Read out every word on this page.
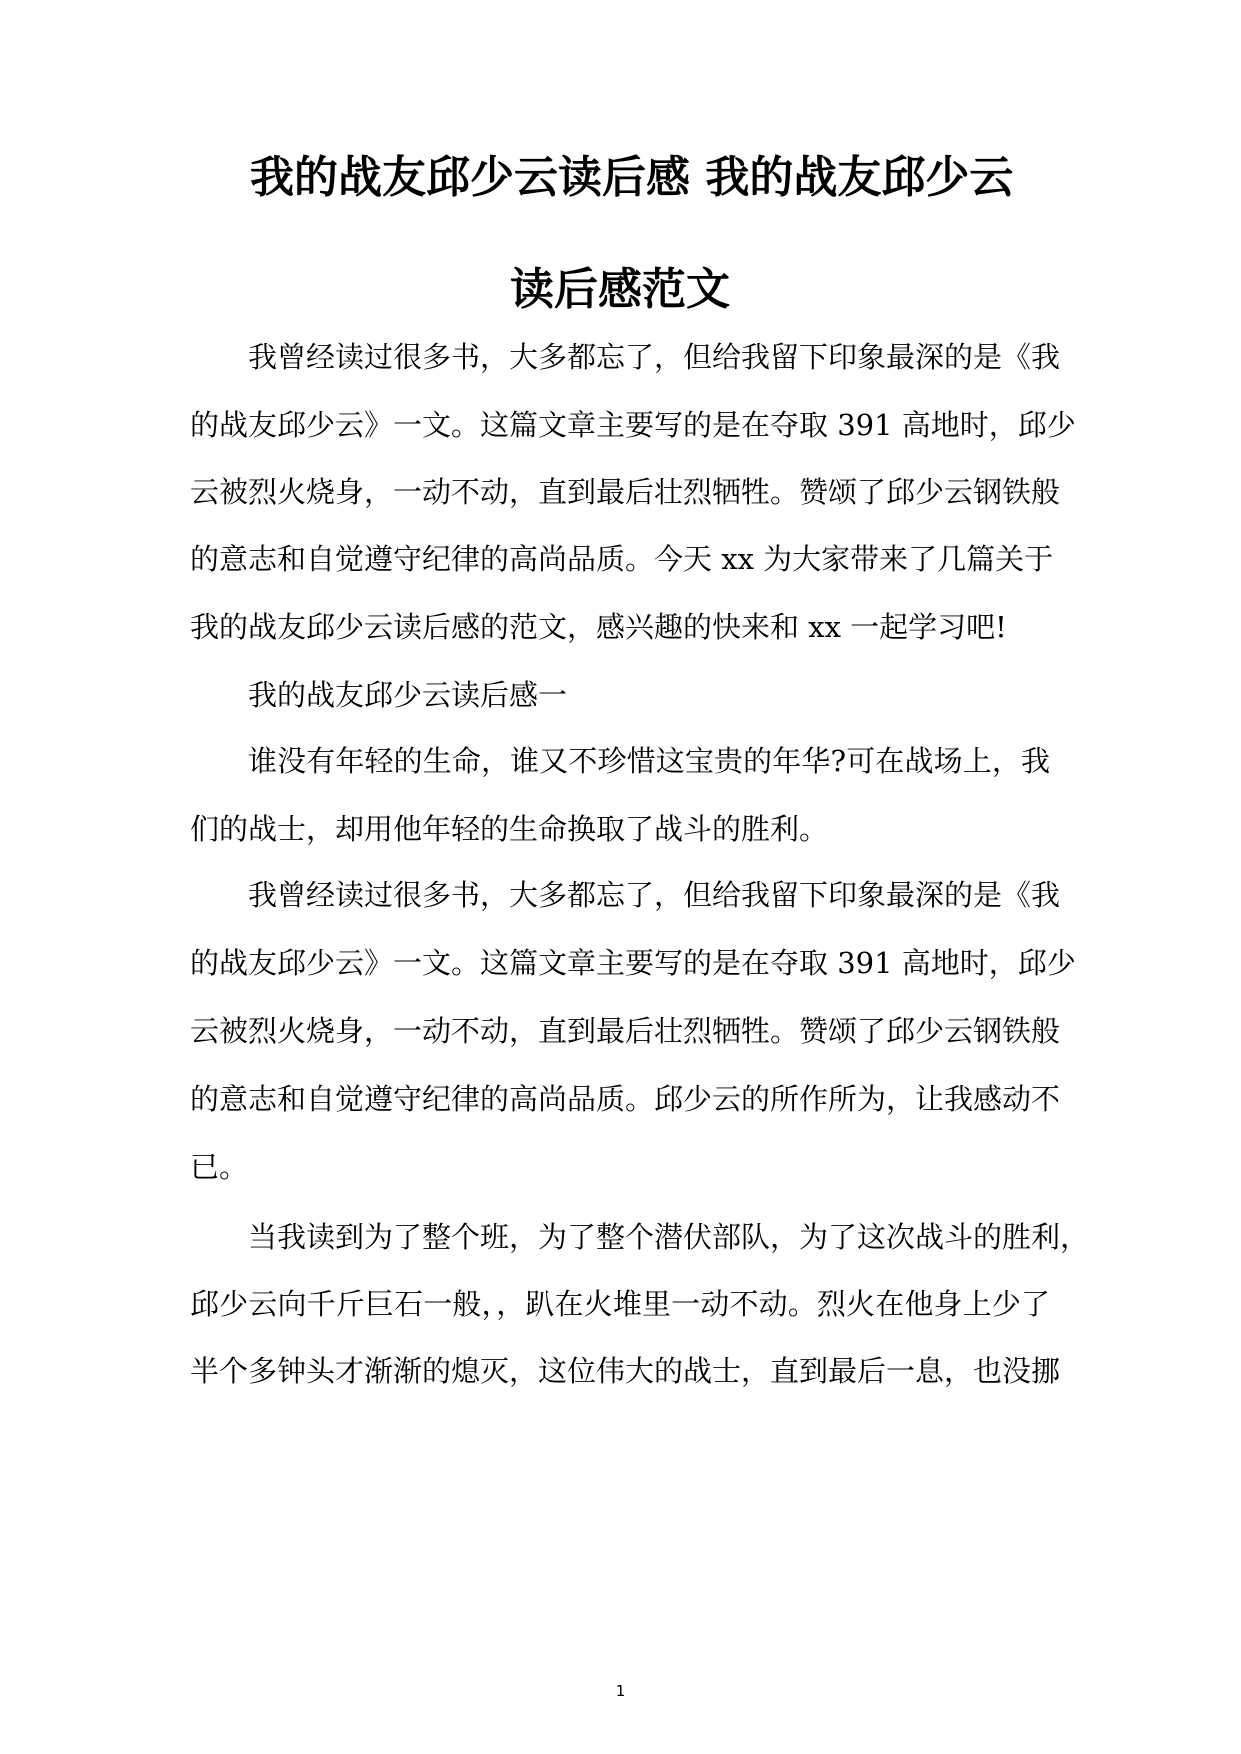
我的战友邱少云读后感 我的战友邱少云
读后感范文
我曾经读过很多书，大多都忘了，但给我留下印象最深的是《我
的战友邱少云》一文。这篇文章主要写的是在夺取 391 高地时，邱少
云被烈火烧身，一动不动，直到最后壮烈牺牲。赞颂了邱少云钢铁般
的意志和自觉遵守纪律的高尚品质。今天 xx 为大家带来了几篇关于
我的战友邱少云读后感的范文，感兴趣的快来和 xx 一起学习吧!
我的战友邱少云读后感一
谁没有年轻的生命，谁又不珍惜这宝贵的年华?可在战场上，我
们的战士，却用他年轻的生命换取了战斗的胜利。
我曾经读过很多书，大多都忘了，但给我留下印象最深的是《我
的战友邱少云》一文。这篇文章主要写的是在夺取 391 高地时，邱少
云被烈火烧身，一动不动，直到最后壮烈牺牲。赞颂了邱少云钢铁般
的意志和自觉遵守纪律的高尚品质。邱少云的所作所为，让我感动不
已。
当我读到为了整个班，为了整个潜伏部队，为了这次战斗的胜利，
邱少云向千斤巨石一般，，趴在火堆里一动不动。烈火在他身上少了
半个多钟头才渐渐的熄灭，这位伟大的战士，直到最后一息，也没挪
1
